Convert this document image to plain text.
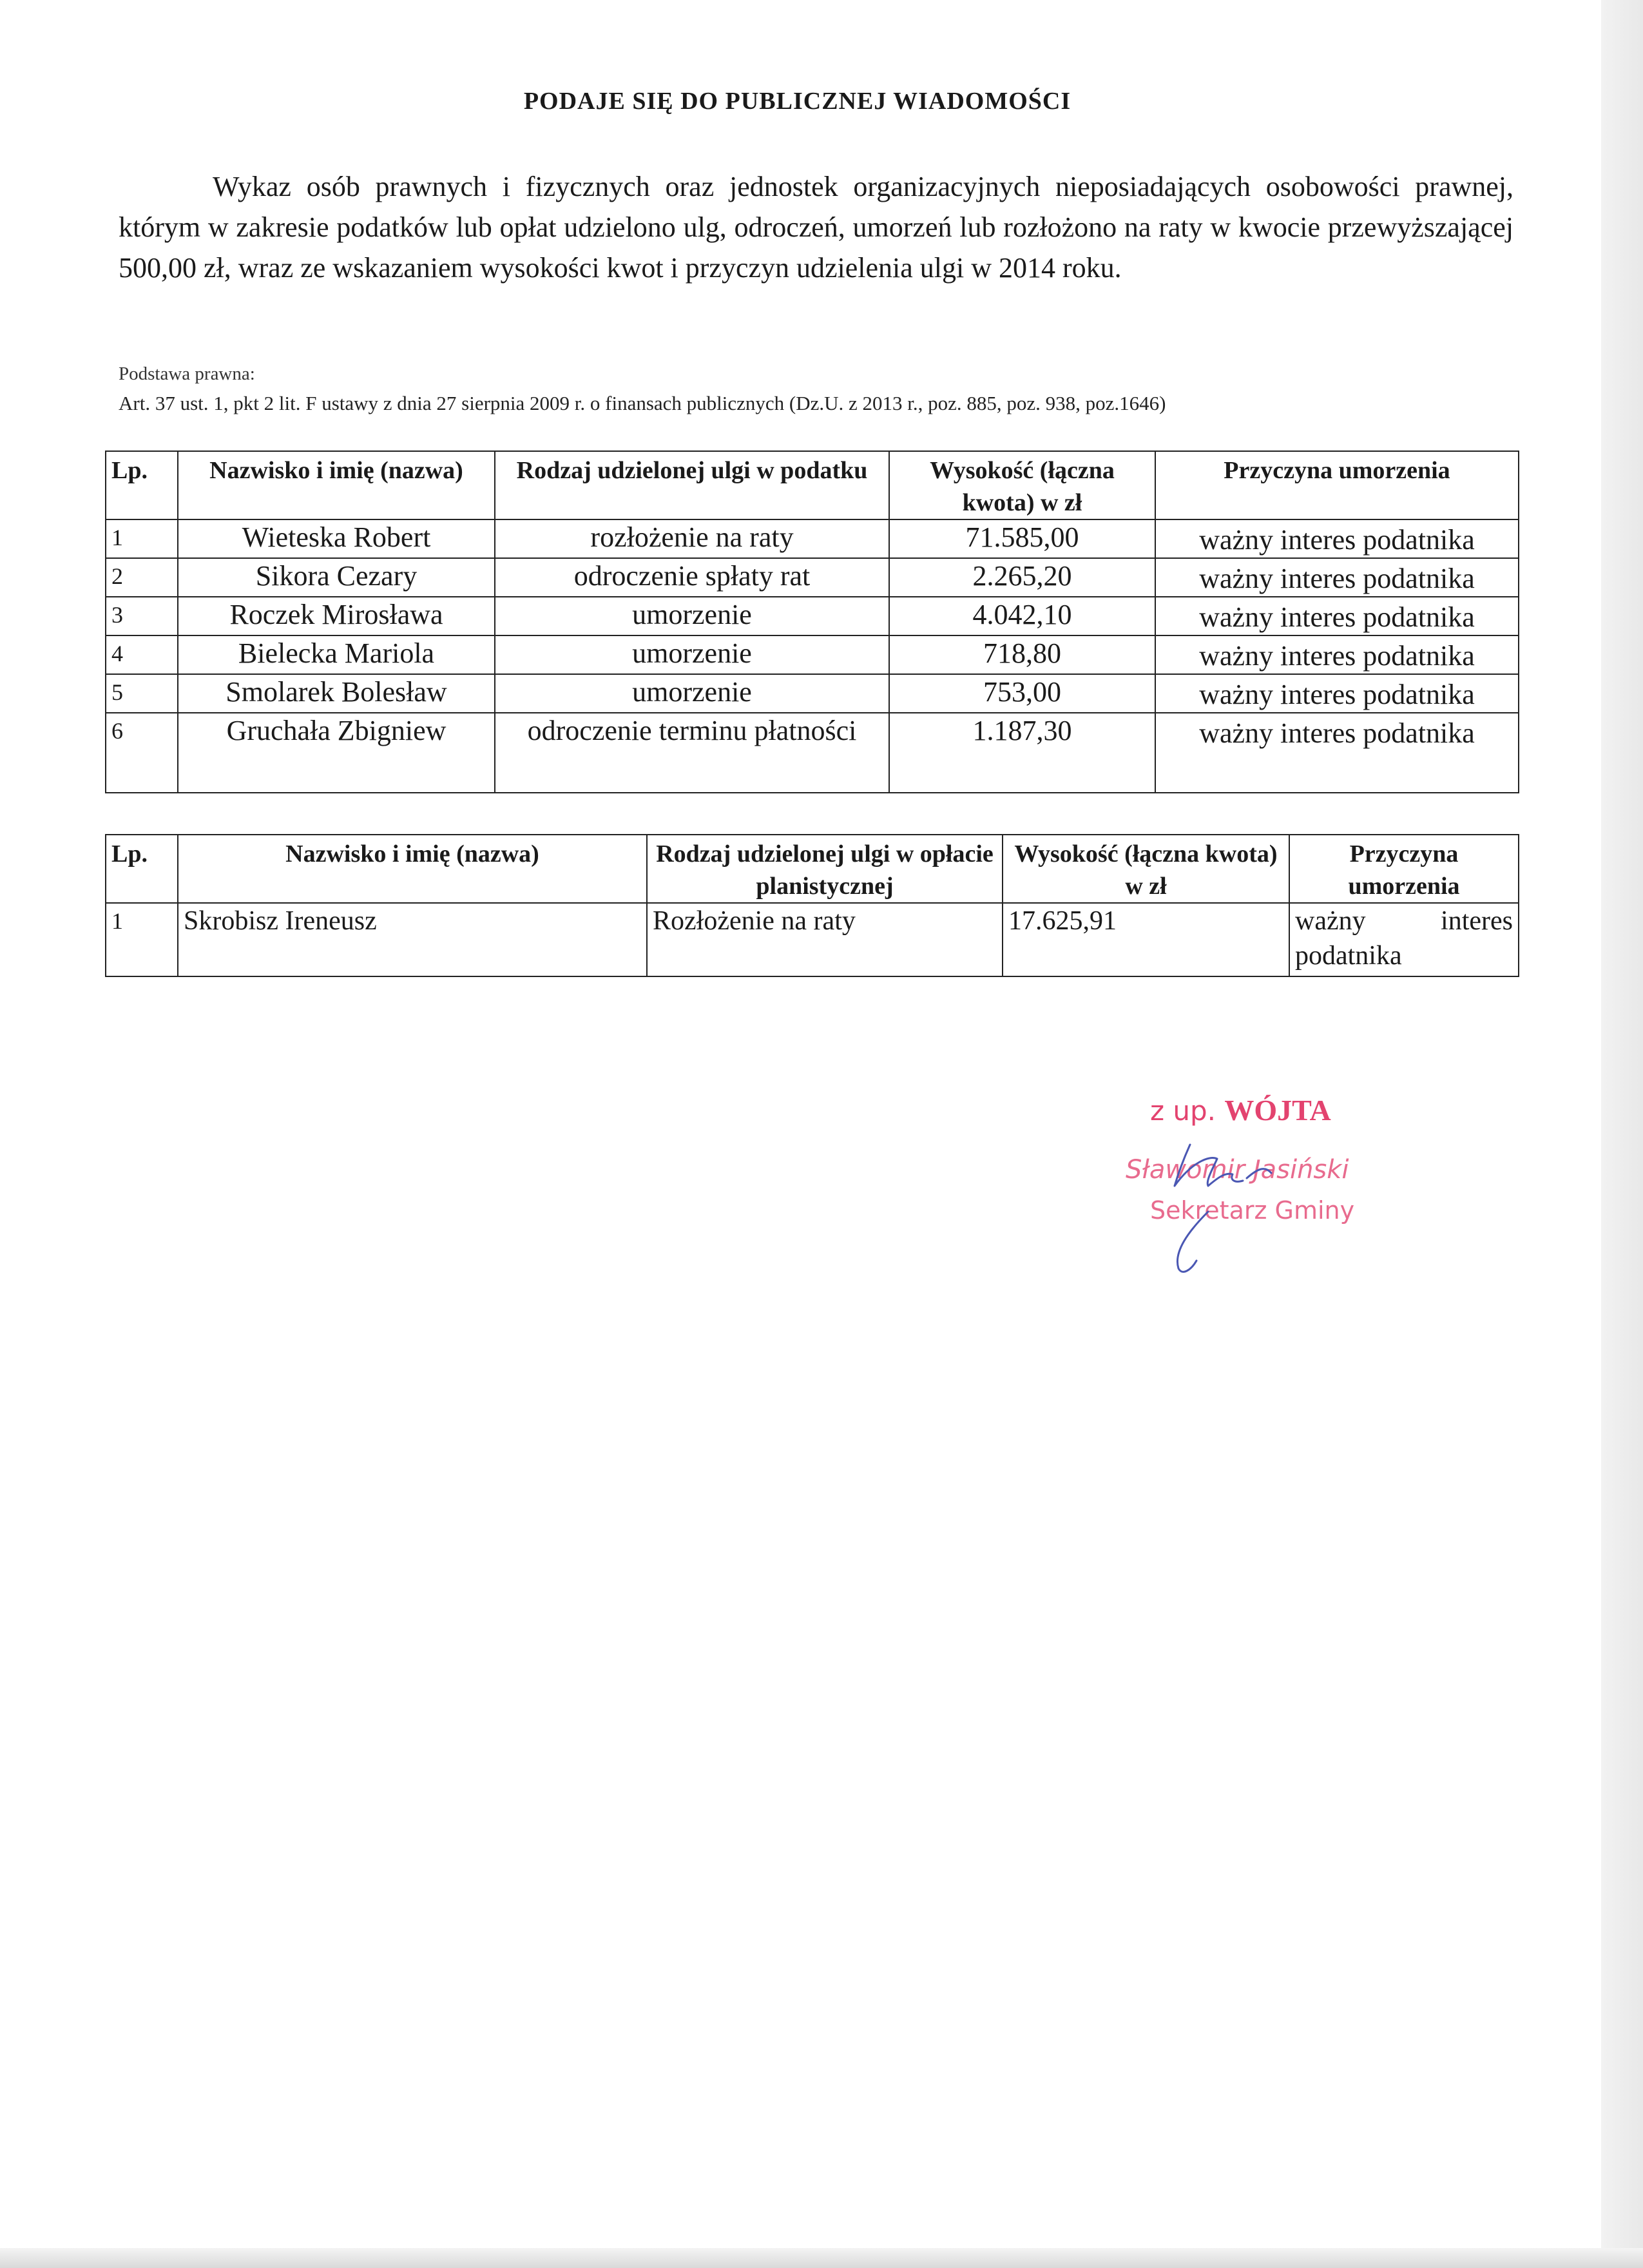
PODAJE SIĘ DO PUBLICZNEJ WIADOMOŚCI

Wykaz osób prawnych i fizycznych oraz jednostek organizacyjnych nieposiadających osobowości prawnej, którym w zakresie podatków lub opłat udzielono ulg, odroczeń, umorzeń lub rozłożono na raty w kwocie przewyższającej 500,00 zł, wraz ze wskazaniem wysokości kwot i przyczyn udzielenia ulgi w 2014 roku.

Podstawa prawna:
Art. 37 ust. 1, pkt 2 lit. F ustawy z dnia 27 sierpnia 2009 r. o finansach publicznych (Dz.U. z 2013 r., poz. 885, poz. 938, poz.1646)
Lp.	Nazwisko i imię (nazwa)	Rodzaj udzielonej ulgi w podatku	Wysokość (łączna kwota) w zł	Przyczyna umorzenia
1	Wieteska Robert	rozłożenie na raty	71.585,00	ważny interes podatnika
2	Sikora Cezary	odroczenie spłaty rat	2.265,20	ważny interes podatnika
3	Roczek Mirosława	umorzenie	4.042,10	ważny interes podatnika
4	Bielecka Mariola	umorzenie	718,80	ważny interes podatnika
5	Smolarek Bolesław	umorzenie	753,00	ważny interes podatnika
6	Gruchała Zbigniew	odroczenie terminu płatności	1.187,30	ważny interes podatnika
Lp.	Nazwisko i imię (nazwa)	Rodzaj udzielonej ulgi w opłacie planistycznej	Wysokość (łączna kwota) w zł	Przyczyna umorzenia
1	Skrobisz Ireneusz	Rozłożenie na raty	17.625,91	ważny interes podatnika
z up. WÓJTA
Sławomir Jasiński
Sekretarz Gminy
